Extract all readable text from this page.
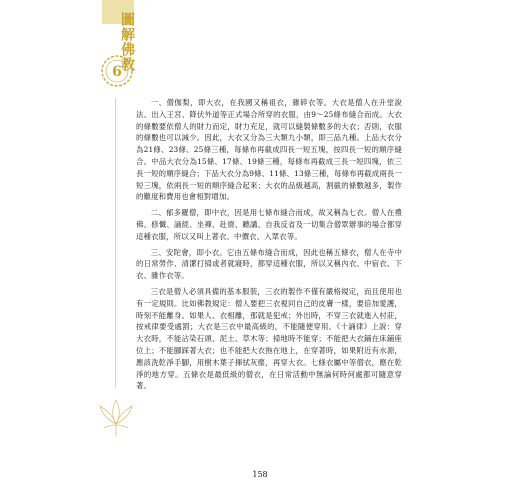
圖解佛教
6

一、僧伽梨，即大衣，在我國又稱祖衣，雜碎衣等。大衣是僧人在升堂說法、出入王宮、降伏外道等正式場合所穿的衣服，由9～25條布縫合而成。大衣的條數要依僧人的財力而定，財力充足，就可以縫製條數多的大衣；否則，衣服的條數也可以減少。因此，大衣又分為三大類九小類，即三品九種。上品大衣分為21條、23條、25條三種，每條布再截成四長一短五塊，按四長一短的順序縫合。中品大衣分為15條、17條、19條三種，每條布再截成三長一短四塊，依三長一短的順序縫合；下品大衣分為9條、11條、13條三種，每條布再截成兩長一短三塊，依兩長一短的順序縫合起來；大衣的品級越高，割截的條數越多，製作的難度和費用也會相對增加。

二、郁多羅僧，即中衣，因是用七條布縫合而成，故又稱為七衣。僧人在禮佛、修懺、誦經、坐禪、赴齋、聽講、自我反省及一切集合僧眾辦事的場合都穿這種衣服，所以又叫上著衣、中價衣、入眾衣等。

三、安陀會，即小衣。它由五條布縫合而成，因此也稱五條衣，僧人在寺中的日常勞作、清潔打掃或者就寢時，都穿這種衣服，所以又稱內衣、中宿衣、下衣、雜作衣等。

三衣是僧人必須具備的基本服裝，三衣的製作不僅有嚴格規定，而且使用也有一定規則。比如佛教規定：僧人要把三衣視同自己的皮膚一樣，要倍加愛護，時刻不能離身。如果人、衣相離，那就是犯戒；外出時，不穿三衣就進入村莊，按戒律要受處罰；大衣是三衣中最高級的，不能隨便穿用。《十誦律》上說：穿大衣時，不能沾染石頭、泥土、草木等；掃地時不能穿；不能把大衣鋪在床鋪座位上；不能腳踩著大衣；也不能把大衣拖在地上，在穿著時，如果附近有水源，應該洗乾淨手腳，用樹木葉子揮拭灰塵，再穿大衣。七條衣屬中等僧衣，應在乾淨的地方穿。五條衣是最低級的僧衣，在日常活動中無論何時何處都可隨意穿著。

158
